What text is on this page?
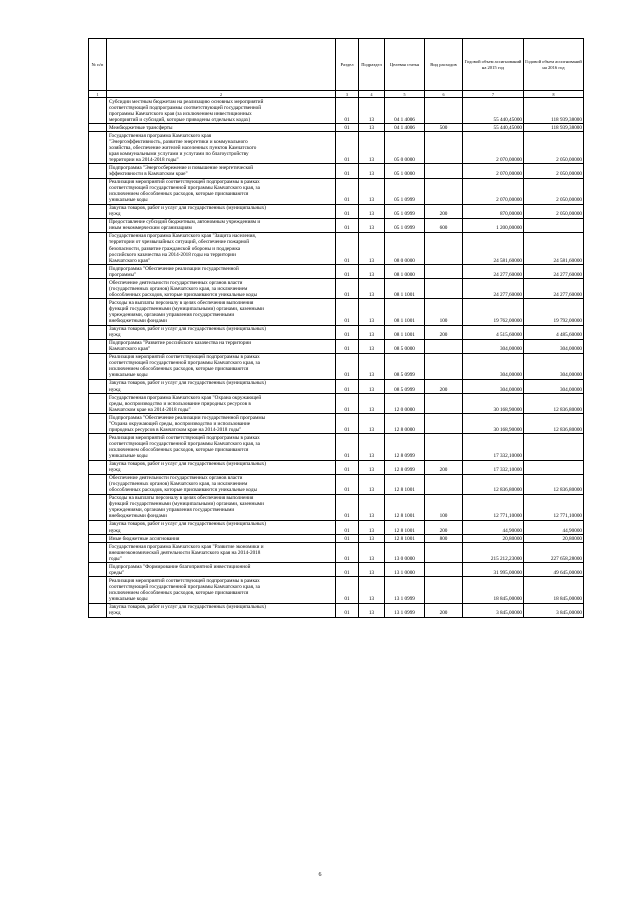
№ п/п		Раздел	Подраздел	Целевая статья	Вид расходов	Годовой объем ассигнований на 2015 год	Годовой объем ассигнований на 2016 год
1	2	3	4	5	6	7	8
	Субсидии местным бюджетам на реализацию основных мероприятий
соответствующей подпрограммы соответствующей государственной
программы Камчатского края (за исключением инвестиционных
мероприятий и субсидий, которые приводены отдельных кодах)	01	13	04 1 4006		55 440,45000	118 939,38000
	Межбюджетные трансферты	01	13	04 1 4006	500	55 440,45000	118 939,38000
	Государственная программа Камчатского края
"Энергоэффективность, развитие энергетики и коммунального
хозяйства, обеспечение жителей населенных пунктов Камчатского
края коммунальными услугами и услугами по благоустройству
территории на 2014-2018 годы"	01	13	05 0 0000		2 070,00000	2 050,00000
	Подпрограмма "Энергосбережение и повышение энергетической
эффективности в Камчатском крае"	01	13	05 1 0000		2 070,00000	2 050,00000
	Реализация мероприятий соответствующей подпрограммы в рамках
соответствующей государственной программы Камчатского края, за
исключением обособленных расходов, которые присваиваются
уникальные коды	01	13	05 1 0999		2 070,00000	2 050,00000
	Закупка товаров, работ и услуг для государственных (муниципальных)
нужд	01	13	05 1 0999	200	870,00000	2 050,00000
	Предоставление субсидий бюджетным, автономным учреждениям и
иным некоммерческим организациям	01	13	05 1 0999	600	1 200,00000	
	Государственная программа Камчатского края "Защита населения,
территории от чрезвычайных ситуаций, обеспечение пожарной
безопасности, развитие гражданской обороны и поддержка
российского казачества на 2014-2018 годы на территории
Камчатского края"	01	13	08 0 0000		24 581,60000	24 581,60000
	Подпрограмма "Обеспечение реализации государственной
программы"	01	13	08 1 0000		24 277,60000	24 277,60000
	Обеспечение деятельности государственных органов власти
(государственных органов) Камчатского края, за исключением
обособленных расходов, которые присваиваются уникальные коды	01	13	08 1 1001		24 277,60000	24 277,60000
	Расходы на выплаты персоналу в целях обеспечения выполнения
функций государственными (муниципальными) органами, казенными
учреждениями, органами управления государственными
внебюджетными фондами	01	13	08 1 1001	100	19 762,00000	19 792,00000
	Закупка товаров, работ и услуг для государственных (муниципальных)
нужд	01	13	08 1 1001	200	4 515,60000	4 485,60000
	Подпрограмма "Развитие российского казачества на территории
Камчатского края"	01	13	08 5 0000		304,00000	304,00000
	Реализация мероприятий соответствующей подпрограммы в рамках
соответствующей государственной программы Камчатского края, за
исключением обособленных расходов, которые присваиваются
уникальные коды	01	13	08 5 0999		304,00000	304,00000
	Закупка товаров, работ и услуг для государственных (муниципальных)
нужд	01	13	08 5 0999	200	304,00000	304,00000
	Государственная программа Камчатского края "Охрана окружающей
среды, воспроизводство и использование природных ресурсов в
Камчатском крае на 2014-2018 годы"	01	13	12 0 0000		30 168,90000	12 836,80000
	Подпрограмма "Обеспечение реализации государственной программы
"Охрана окружающей среды, воспроизводство и использование
природных ресурсов в Камчатском крае на 2014-2018 годы"	01	13	12 8 0000		30 168,90000	12 836,80000
	Реализация мероприятий соответствующей подпрограммы в рамках
соответствующей государственной программы Камчатского края, за
исключением обособленных расходов, которые присваиваются
уникальные коды	01	13	12 8 0999		17 332,10000	
	Закупка товаров, работ и услуг для государственных (муниципальных)
нужд	01	13	12 8 0999	200	17 332,10000	
	Обеспечение деятельности государственных органов власти
(государственных органов) Камчатского края, за исключением
обособленных расходов, которые присваиваются уникальные коды	01	13	12 8 1001		12 836,80000	12 836,80000
	Расходы на выплаты персоналу в целях обеспечения выполнения
функций государственными (муниципальными) органами, казенными
учреждениями, органами управления государственными
внебюджетными фондами	01	13	12 8 1001	100	12 771,10000	12 771,10000
	Закупка товаров, работ и услуг для государственных (муниципальных)
нужд	01	13	12 8 1001	200	44,90000	44,90000
	Иные бюджетные ассигнования	01	13	12 8 1001	800	20,80000	20,80000
	Государственная программа Камчатского края "Развитие экономики и
внешнеэкономической деятельности Камчатского края на 2014-2018
годы"	01	13	13 0 0000		215 212,23000	227 658,28000
	Подпрограмма "Формирование благоприятной инвестиционной
среды"	01	13	13 1 0000		31 995,00000	49 645,00000
	Реализация мероприятий соответствующей подпрограммы в рамках
соответствующей государственной программы Камчатского края, за
исключением обособленных расходов, которые присваиваются
уникальные коды	01	13	13 1 0999		18 845,00000	18 845,00000
	Закупка товаров, работ и услуг для государственных (муниципальных)
нужд	01	13	13 1 0999	200	3 845,00000	3 845,00000
6
